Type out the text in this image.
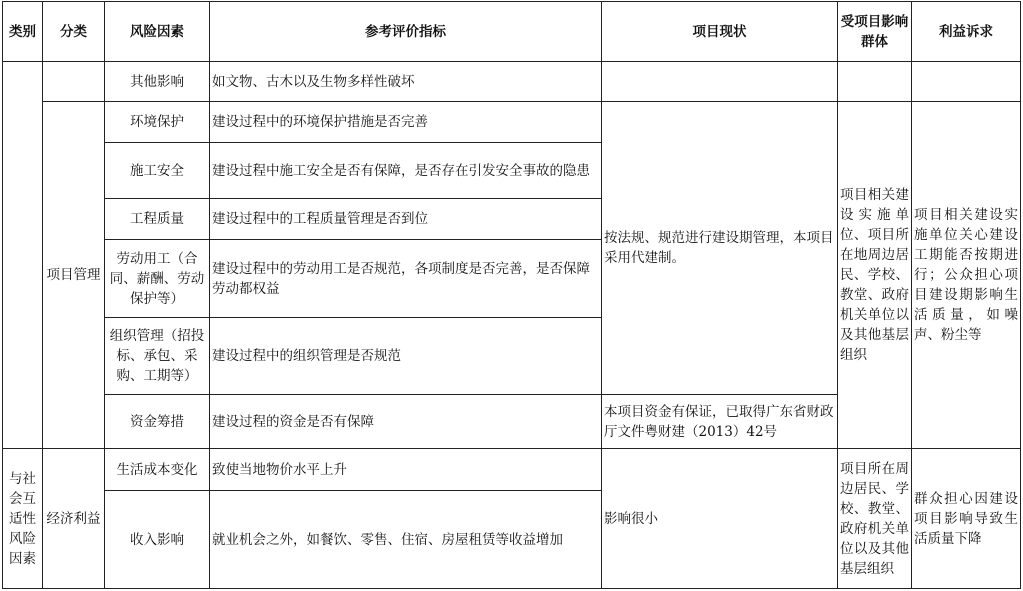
类别	分类	风险因素	参考评价指标	项目现状	受项目影响群体	利益诉求
		其他影响	如文物、古木以及生物多样性破坏			
	项目管理	环境保护	建设过程中的环境保护措施是否完善	按法规、规范进行建设期管理，本项目采用代建制。	项目相关建设实施单位、项目所在地周边居民、学校、教堂、政府机关单位以及其他基层组织	项目相关建设实施单位关心建设工期能否按期进行；公众担心项目建设期影响生活质量，如噪声、粉尘等
		施工安全	建设过程中施工安全是否有保障，是否存在引发安全事故的隐患			
		工程质量	建设过程中的工程质量管理是否到位			
		劳动用工（合同、薪酬、劳动保护等）	建设过程中的劳动用工是否规范，各项制度是否完善，是否保障劳动都权益			
		组织管理（招投标、承包、采购、工期等）	建设过程中的组织管理是否规范			
		资金筹措	建设过程的资金是否有保障	本项目资金有保证，已取得广东省财政厅文件粤财建（2013）42号		
与社会互适性风险因素	经济利益	生活成本变化	致使当地物价水平上升	影响很小	项目所在周边居民、学校、教堂、政府机关单位以及其他基层组织	群众担心因建设项目影响导致生活质量下降
		收入影响	就业机会之外，如餐饮、零售、住宿、房屋租赁等收益增加			
